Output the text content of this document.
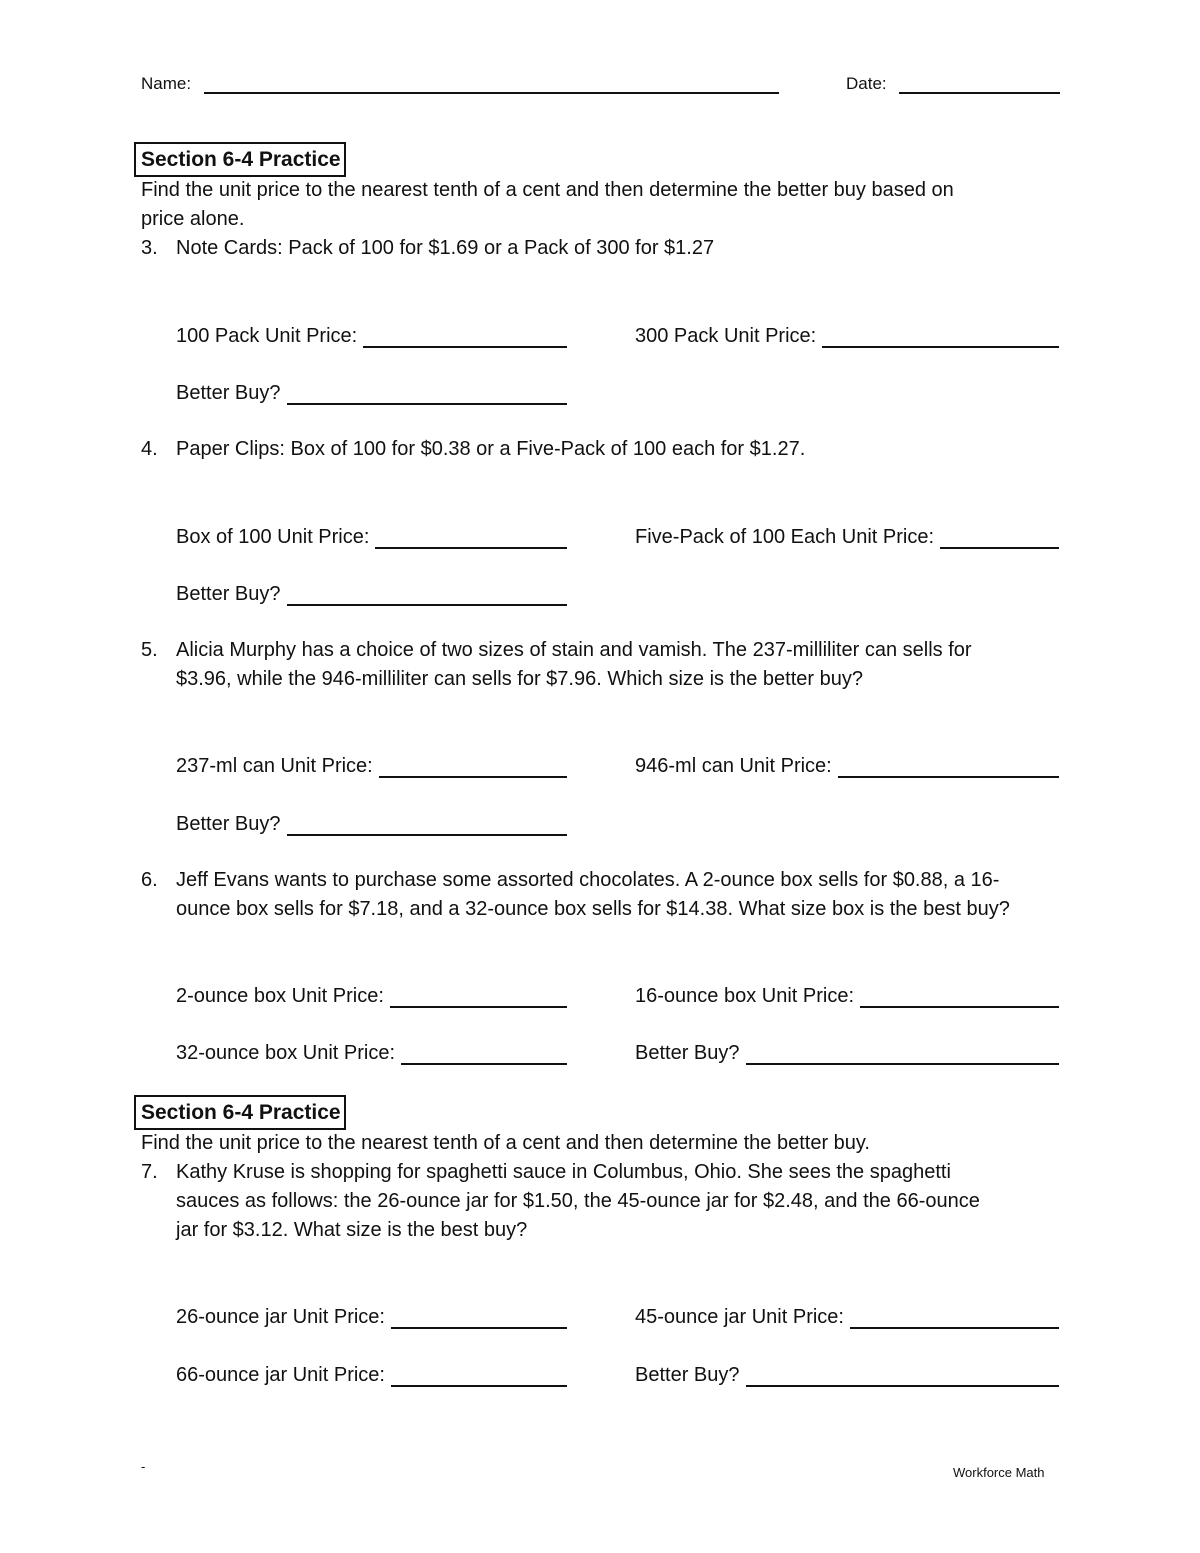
Name:	Date:
Section 6-4 Practice
Find the unit price to the nearest tenth of a cent and then determine the better buy based on
price alone.
3. Note Cards: Pack of 100 for $1.69 or a Pack of 300 for $1.27
100 Pack Unit Price:	300 Pack Unit Price:
Better Buy?
4. Paper Clips: Box of 100 for $0.38 or a Five-Pack of 100 each for $1.27.
Box of 100 Unit Price:	Five-Pack of 100 Each Unit Price:
Better Buy?
5. Alicia Murphy has a choice of two sizes of stain and vamish. The 237-milliliter can sells for
$3.96, while the 946-milliliter can sells for $7.96. Which size is the better buy?
237-ml can Unit Price:	946-ml can Unit Price:
Better Buy?
6. Jeff Evans wants to purchase some assorted chocolates. A 2-ounce box sells for $0.88, a 16-
ounce box sells for $7.18, and a 32-ounce box sells for $14.38. What size box is the best buy?
2-ounce box Unit Price:	16-ounce box Unit Price:
32-ounce box Unit Price:	Better Buy?
Section 6-4 Practice
Find the unit price to the nearest tenth of a cent and then determine the better buy.
7. Kathy Kruse is shopping for spaghetti sauce in Columbus, Ohio. She sees the spaghetti
sauces as follows: the 26-ounce jar for $1.50, the 45-ounce jar for $2.48, and the 66-ounce
jar for $3.12. What size is the best buy?
26-ounce jar Unit Price:	45-ounce jar Unit Price:
66-ounce jar Unit Price:	Better Buy?
-	Workforce Math
